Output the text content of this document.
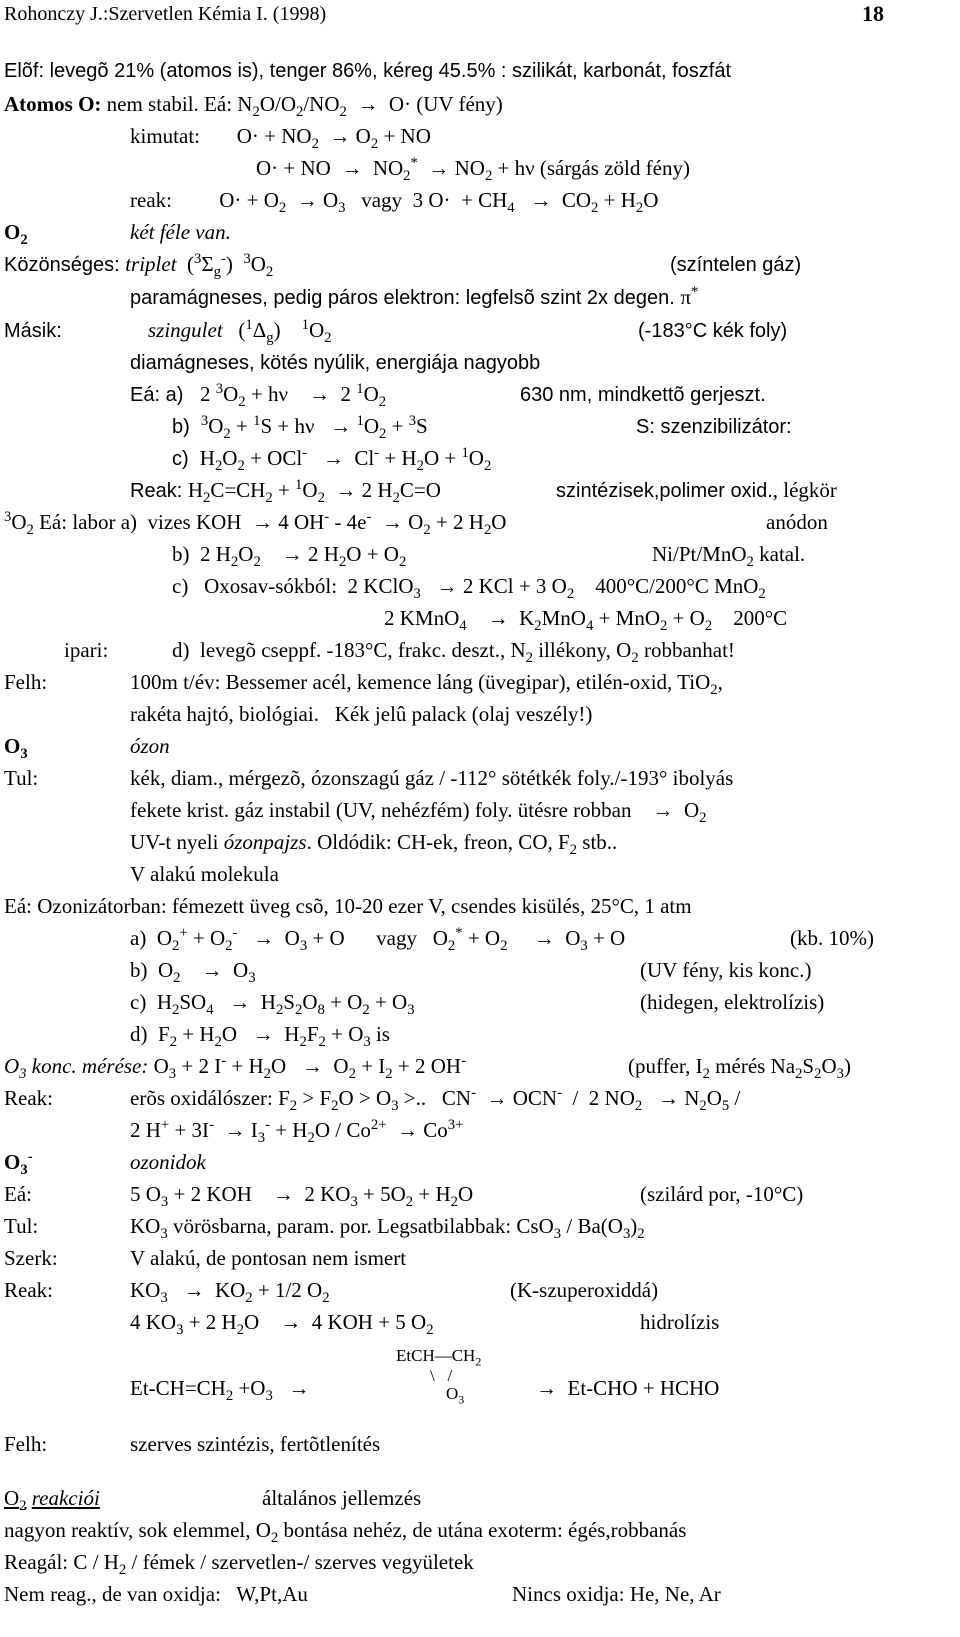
Rohonczy J.:Szervetlen Kémia I. (1998)	18
Elõf: levegõ 21% (atomos is), tenger 86%, kéreg 45.5% : szilikát, karbonát, foszfát
Atomos O: nem stabil. Eá: $N_2O/O_2/NO_2 \to O\cdot (UV$ fény)
kimutat:       $O\cdot + NO_2 \to O_2$ + NO
O· + NO  →  $NO_2^* \to NO_2 + h\nu$ (sárgás zöld fény)
reak:         $O\cdot + O_2 \to O_3$   vagy  3 $O\cdot + CH_4 \to CO_2 + H_2O$
$O_2$	két féle van.
Közönséges: triplet  $(^3\Sigma_g^-)$  $^3O_2$	(színtelen gáz)
paramágneses, pedig páros elektron: legfelsõ szint 2x degen. π*
Másik:	szingulet   $(^1\Delta_g)$    $^1O_2$	(-183°C kék foly)
diamágneses, kötés nyúlik, energiája nagyobb
Eá: a)   2 $^3O_2 + h\nu$    →  2 $^1O_2$	630 nm, mindkettõ gerjeszt.
b)  $^3O_2 + ^1S + h\nu \to ^1O_2 + ^3S$	S: szenzibilizátor:
c)  $H_2O_2 + OCl^- \to Cl^- + H_2O + ^1O_2$
Reak: $H_2C=CH_2 + ^1O_2 \to 2$ $H_2C=O$	szintézisek,polimer oxid., légkör
$^3O_2$ Eá: labor a)  vizes KOH  → 4 $OH^- - 4e^- \to O_2 + 2$ $H_2O$	anódon
b)  2 $H_2O_2$    → 2 $H_2O + O_2$	Ni/Pt/MnO$_2$ katal.
c)   Oxosav-sókból:  2 KClO$_3$   → 2 KCl + 3 $O_2$    400°C/200°C MnO$_2$
2 KMnO$_4$    →  $K_2MnO_4 + MnO_2 + O_2$    200°C
ipari:	d)  levegõ cseppf. -183°C, frakc. deszt., $N_2$ illékony, $O_2$ robbanhat!
Felh:	100m t/év: Bessemer acél, kemence láng (üvegipar), etilén-oxid, TiO$_2$,
rakéta hajtó, biológiai.   Kék jelû palack (olaj veszély!)
$O_3$	ózon
Tul:	kék, diam., mérgezõ, ózonszagú gáz / -112° sötétkék foly./-193° ibolyás
fekete krist. gáz instabil (UV, nehézfém) foly. ütésre robban    →  $O_2$
UV-t nyeli ózonpajzs. Oldódik: CH-ek, freon, CO, $F_2$ stb..
V alakú molekula
Eá: Ozonizátorban: fémezett üveg csõ, 10-20 ezer V, csendes kisülés, 25°C, 1 atm
a)  $O_2^+ + O_2^- \to O_3 + O$      vagy   $O_2^* + O_2$     →  $O_3 + O$	(kb. 10%)
b)  $O_2$    →  $O_3$	(UV fény, kis konc.)
c)  $H_2SO_4 \to H_2S_2O_8 + O_2 + O_3$	(hidegen, elektrolízis)
d)  $F_2 + H_2O \to H_2F_2 + O_3$ is
$O_3$ konc. mérése: $O_3 + 2$ $I^- + H_2O \to O_2 + I_2 + 2$ OH-	(puffer, $I_2$ mérés $Na_2S_2O_3$)
Reak:	erõs oxidálószer: $F_2 > F_2O > O_3$ >..   CN-  → OCN-  /  2 $NO_2 \to N_2O_5$ /
2 $H^+ + 3I^- \to I_3^- + H_2O / Co^{2+} \to Co^{3+}$
$O_3^-$	ozonidok
Eá:	5 $O_3 + 2$ KOH    →  2 $KO_3 + 5O_2 + H_2O$	(szilárd por, -10°C)
Tul:	$KO_3$ vörösbarna, param. por. Legsatbilabbak: $CsO_3 / Ba(O_3)_2$
Szerk:	V alakú, de pontosan nem ismert
Reak:	$KO_3 \to KO_2 + 1/2$ $O_2$	(K-szuperoxiddá)
4 $KO_3 + 2$ $H_2O$    →  4 KOH + 5 $O_2$	hidrolízis
$Et-CH=CH_2 +O_3$   →
$EtCH—CH_2$
\   /
$O_3$	→  Et-CHO + HCHO
Felh:	szerves szintézis, fertõtlenítés
$O_2$ reakciói	általános jellemzés
nagyon reaktív, sok elemmel, $O_2$ bontása nehéz, de utána exoterm: égés,robbanás
Reagál: C / $H_2$ / fémek / szervetlen-/ szerves vegyületek
Nem reag., de van oxidja:   W,Pt,Au	Nincs oxidja: He, Ne, Ar
